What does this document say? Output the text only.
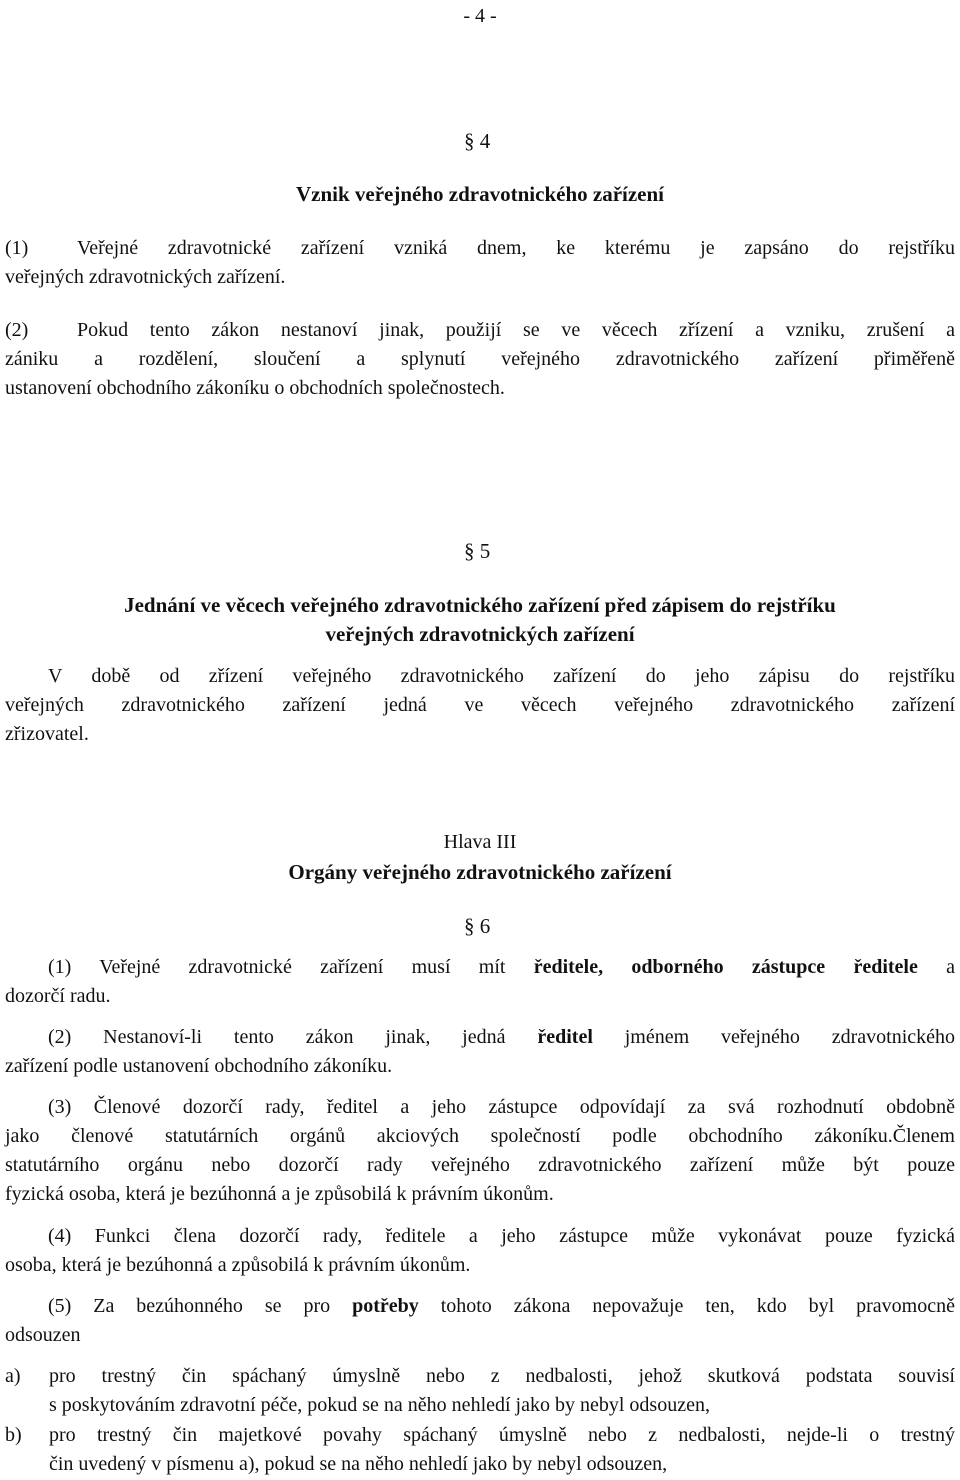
- 4 -
§ 4
Vznik veřejného zdravotnického zařízení
(1) Veřejné zdravotnické zařízení vzniká dnem, ke kterému je zapsáno do rejstříku
veřejných zdravotnických zařízení.
(2) Pokud tento zákon nestanoví jinak, použijí se ve věcech zřízení a vzniku, zrušení a
zániku a rozdělení, sloučení a splynutí veřejného zdravotnického zařízení přiměřeně
ustanovení obchodního zákoníku o obchodních společnostech.
§ 5
Jednání ve věcech veřejného zdravotnického zařízení před zápisem do rejstříku
veřejných zdravotnických zařízení
V době od zřízení veřejného zdravotnického zařízení do jeho zápisu do rejstříku
veřejných zdravotnického zařízení jedná ve věcech veřejného zdravotnického zařízení
zřizovatel.
Hlava III
Orgány veřejného zdravotnického zařízení
§ 6
(1) Veřejné zdravotnické zařízení musí mít ředitele, odborného zástupce ředitele a
dozorčí radu.
(2) Nestanoví-li tento zákon jinak, jedná ředitel jménem veřejného zdravotnického
zařízení podle ustanovení obchodního zákoníku.
(3) Členové dozorčí rady, ředitel a jeho zástupce odpovídají za svá rozhodnutí obdobně
jako členové statutárních orgánů akciových společností podle obchodního zákoníku.Členem
statutárního orgánu nebo dozorčí rady veřejného zdravotnického zařízení může být pouze
fyzická osoba, která je bezúhonná a je způsobilá k právním úkonům.
(4) Funkci člena dozorčí rady, ředitele a jeho zástupce může vykonávat pouze fyzická
osoba, která je bezúhonná a způsobilá k právním úkonům.
(5) Za bezúhonného se pro potřeby tohoto zákona nepovažuje ten, kdo byl pravomocně
odsouzen
a) pro trestný čin spáchaný úmyslně nebo z nedbalosti, jehož skutková podstata souvisí
s poskytováním zdravotní péče, pokud se na něho nehledí jako by nebyl odsouzen,
b) pro trestný čin majetkové povahy spáchaný úmyslně nebo z nedbalosti, nejde-li o trestný
čin uvedený v písmenu a), pokud se na něho nehledí jako by nebyl odsouzen,
